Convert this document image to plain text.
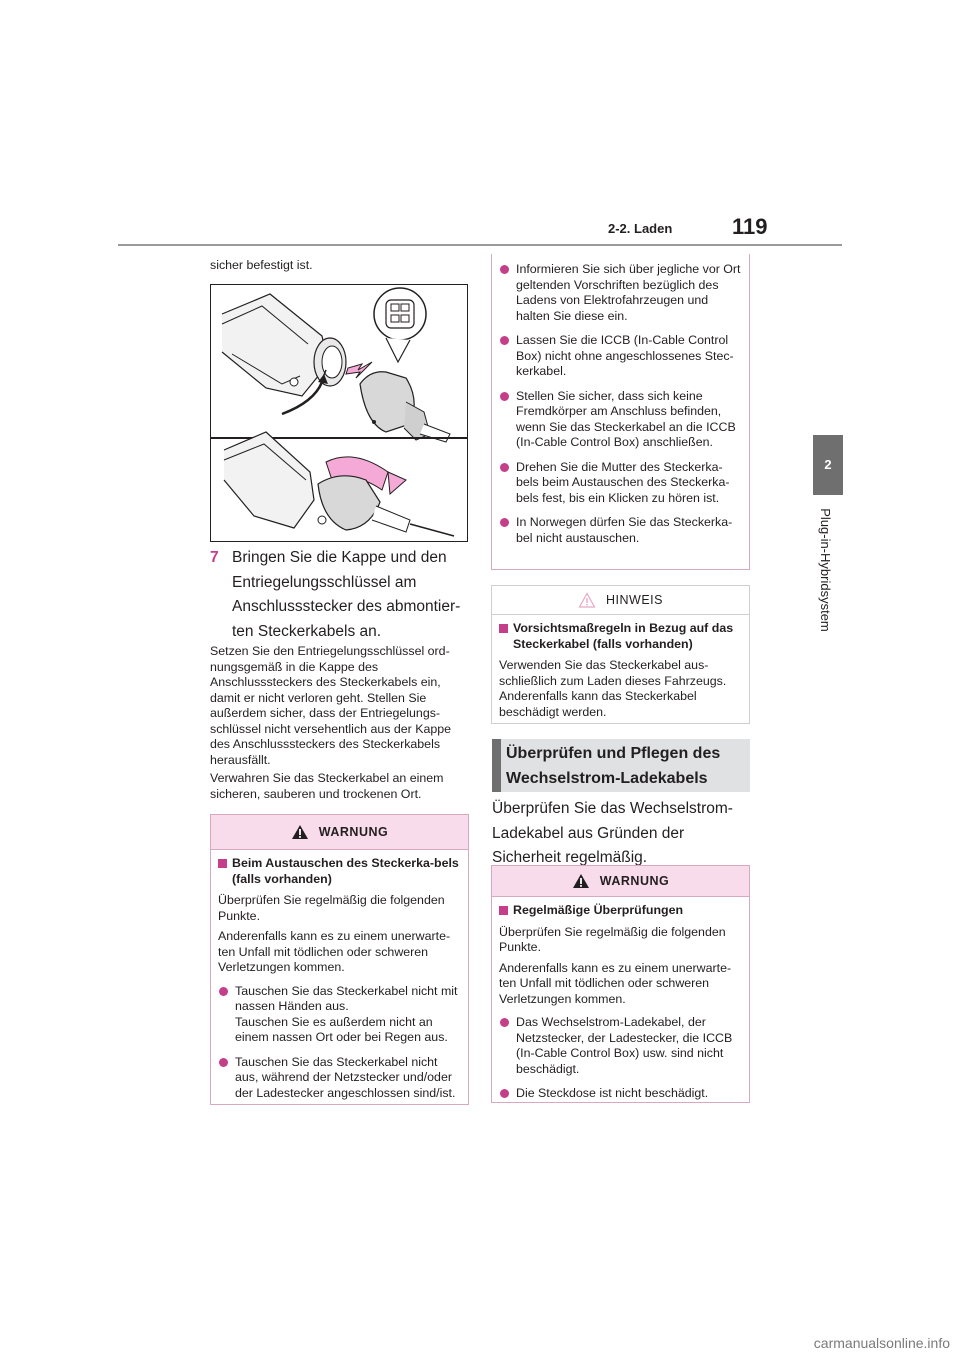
2-2. Laden	119
2
Plug-in-Hybridsystem
sicher befestigt ist.
7 Bringen Sie die Kappe und den Entriegelungsschlüssel am Anschlussstecker des abmontier-ten Steckerkabels an.
Setzen Sie den Entriegelungsschlüssel ord-nungsgemäß in die Kappe des Anschlusssteckers des Steckerkabels ein, damit er nicht verloren geht. Stellen Sie außerdem sicher, dass der Entriegelungs-schlüssel nicht versehentlich aus der Kappe des Anschlusssteckers des Steckerkabels herausfällt.
Verwahren Sie das Steckerkabel an einem sicheren, sauberen und trockenen Ort.
WARNUNG
Beim Austauschen des Steckerka-bels (falls vorhanden)

Überprüfen Sie regelmäßig die folgenden Punkte.

Anderenfalls kann es zu einem unerwarte-ten Unfall mit tödlichen oder schweren Verletzungen kommen.

Tauschen Sie das Steckerkabel nicht mit nassen Händen aus.
Tauschen Sie es außerdem nicht an einem nassen Ort oder bei Regen aus.
Tauschen Sie das Steckerkabel nicht aus, während der Netzstecker und/oder der Ladestecker angeschlossen sind/ist.
Informieren Sie sich über jegliche vor Ort geltenden Vorschriften bezüglich des Ladens von Elektrofahrzeugen und halten Sie diese ein.
Lassen Sie die ICCB (In-Cable Control Box) nicht ohne angeschlossenes Stec-kerkabel.
Stellen Sie sicher, dass sich keine Fremdkörper am Anschluss befinden, wenn Sie das Steckerkabel an die ICCB (In-Cable Control Box) anschließen.
Drehen Sie die Mutter des Steckerka-bels beim Austauschen des Steckerka-bels fest, bis ein Klicken zu hören ist.
In Norwegen dürfen Sie das Steckerka-bel nicht austauschen.
HINWEIS
Vorsichtsmaßregeln in Bezug auf das Steckerkabel (falls vorhanden)

Verwenden Sie das Steckerkabel aus-schließlich zum Laden dieses Fahrzeugs. Anderenfalls kann das Steckerkabel beschädigt werden.

Überprüfen und Pflegen des Wechselstrom-Ladekabels
Überprüfen Sie das Wechselstrom-Ladekabel aus Gründen der Sicherheit regelmäßig.
WARNUNG
Regelmäßige Überprüfungen

Überprüfen Sie regelmäßig die folgenden Punkte.

Anderenfalls kann es zu einem unerwarte-ten Unfall mit tödlichen oder schweren Verletzungen kommen.

Das Wechselstrom-Ladekabel, der Netzstecker, der Ladestecker, die ICCB (In-Cable Control Box) usw. sind nicht beschädigt.
Die Steckdose ist nicht beschädigt.
carmanualsonline.info
